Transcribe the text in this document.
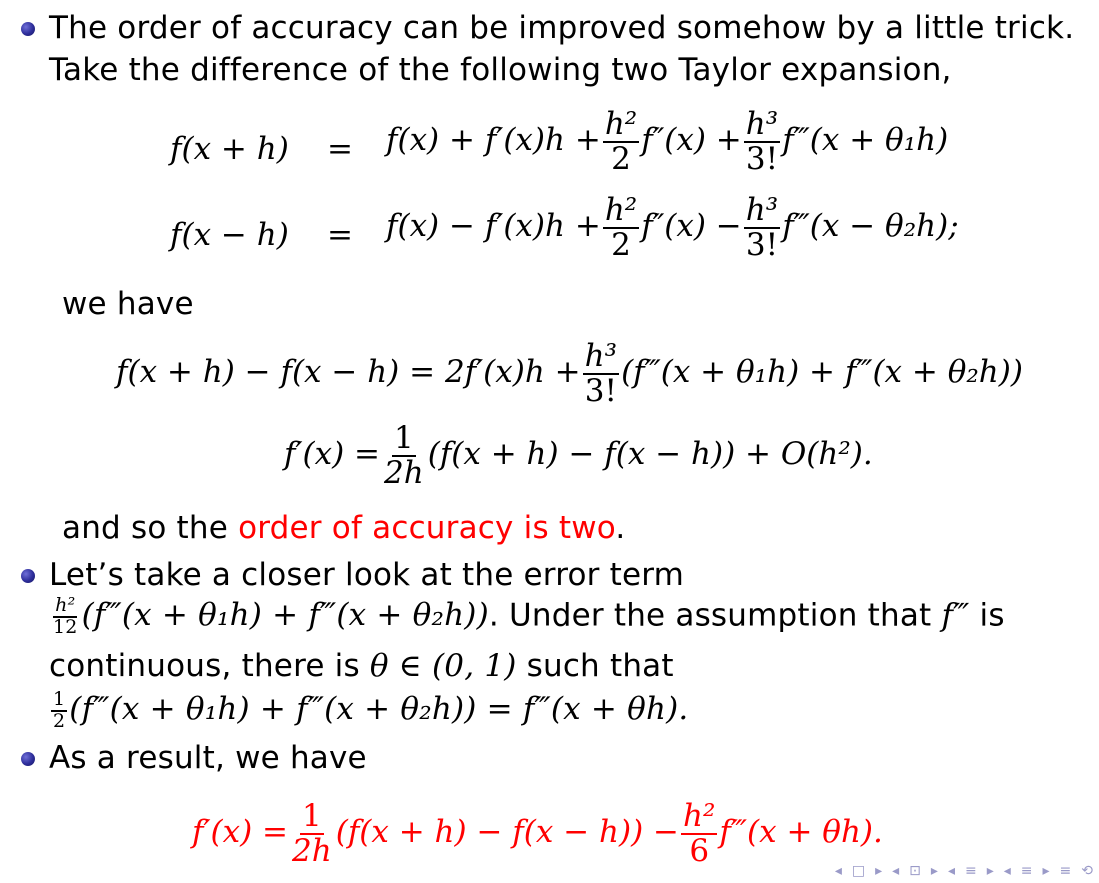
The order of accuracy can be improved somehow by a little trick.
Take the difference of the following two Taylor expansion,
$f(x + h) = f(x) + f'(x)h + \frac{\text{h²}}{2} f''(x) + \frac{\text{h³}}{3!}$ f‴(x + θ₁h)
$f(x - h) = f(x) - f'(x)h + \frac{\text{h²}}{2} f''(x) - \frac{\text{h³}}{3!}$ f‴(x − θ₂h);
we have
$f(x + h) - f(x - h) = 2f'(x)h + \frac{\text{h³}}{3!}$ (f‴(x + θ₁h) + f‴(x + θ₂h))
$f'(x) = \frac{1}{2h} (f(x + h) - f(x - h)) + O(h^2)$.
and so the order of accuracy is two.
Let’s take a closer look at the error term
$\frac{\text{h²}}{12}$ (f‴(x + θ₁h) + f‴(x + θ₂h)). Under the assumption that f‴ is
continuous, there is θ ∈ (0, 1) such that
$\frac{1}{2}$ (f‴(x + θ₁h) + f‴(x + θ₂h)) = f‴(x + θh).
As a result, we have
$f'(x) = \frac{1}{2h} (f(x + h) - f(x - h)) - \frac{\text{h²}}{6}$ f‴(x + θh).
◂ □ ▸ ◂ ⊡ ▸ ◂ ≡ ▸ ◂ ≡ ▸ ≡ ⟲
